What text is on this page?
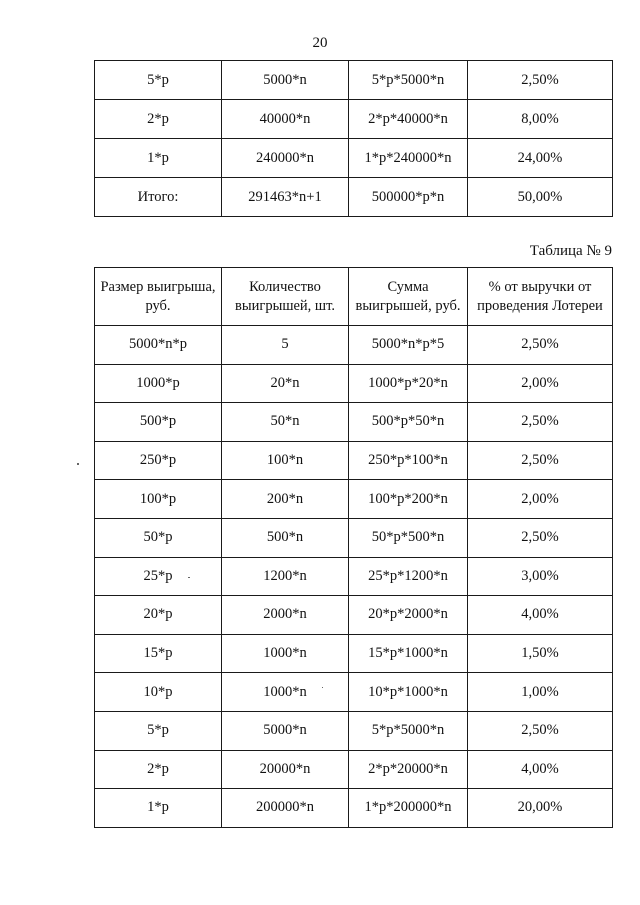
20
5*р	5000*n	5*р*5000*n	2,50%
2*р	40000*n	2*р*40000*n	8,00%
1*р	240000*n	1*р*240000*n	24,00%
Итого:	291463*n+1	500000*р*n	50,00%
Таблица № 9
Размер выигрыша, руб.	Количество выигрышей, шт.	Сумма выигрышей, руб.	% от выручки от проведения Лотереи
5000*n*р	5	5000*n*р*5	2,50%
1000*р	20*n	1000*р*20*n	2,00%
500*р	50*n	500*р*50*n	2,50%
250*р	100*n	250*р*100*n	2,50%
100*р	200*n	100*р*200*n	2,00%
50*р	500*n	50*р*500*n	2,50%
25*р	1200*n	25*р*1200*n	3,00%
20*р	2000*n	20*р*2000*n	4,00%
15*р	1000*n	15*р*1000*n	1,50%
10*р	1000*n	10*р*1000*n	1,00%
5*р	5000*n	5*р*5000*n	2,50%
2*р	20000*n	2*р*20000*n	4,00%
1*р	200000*n	1*р*200000*n	20,00%
